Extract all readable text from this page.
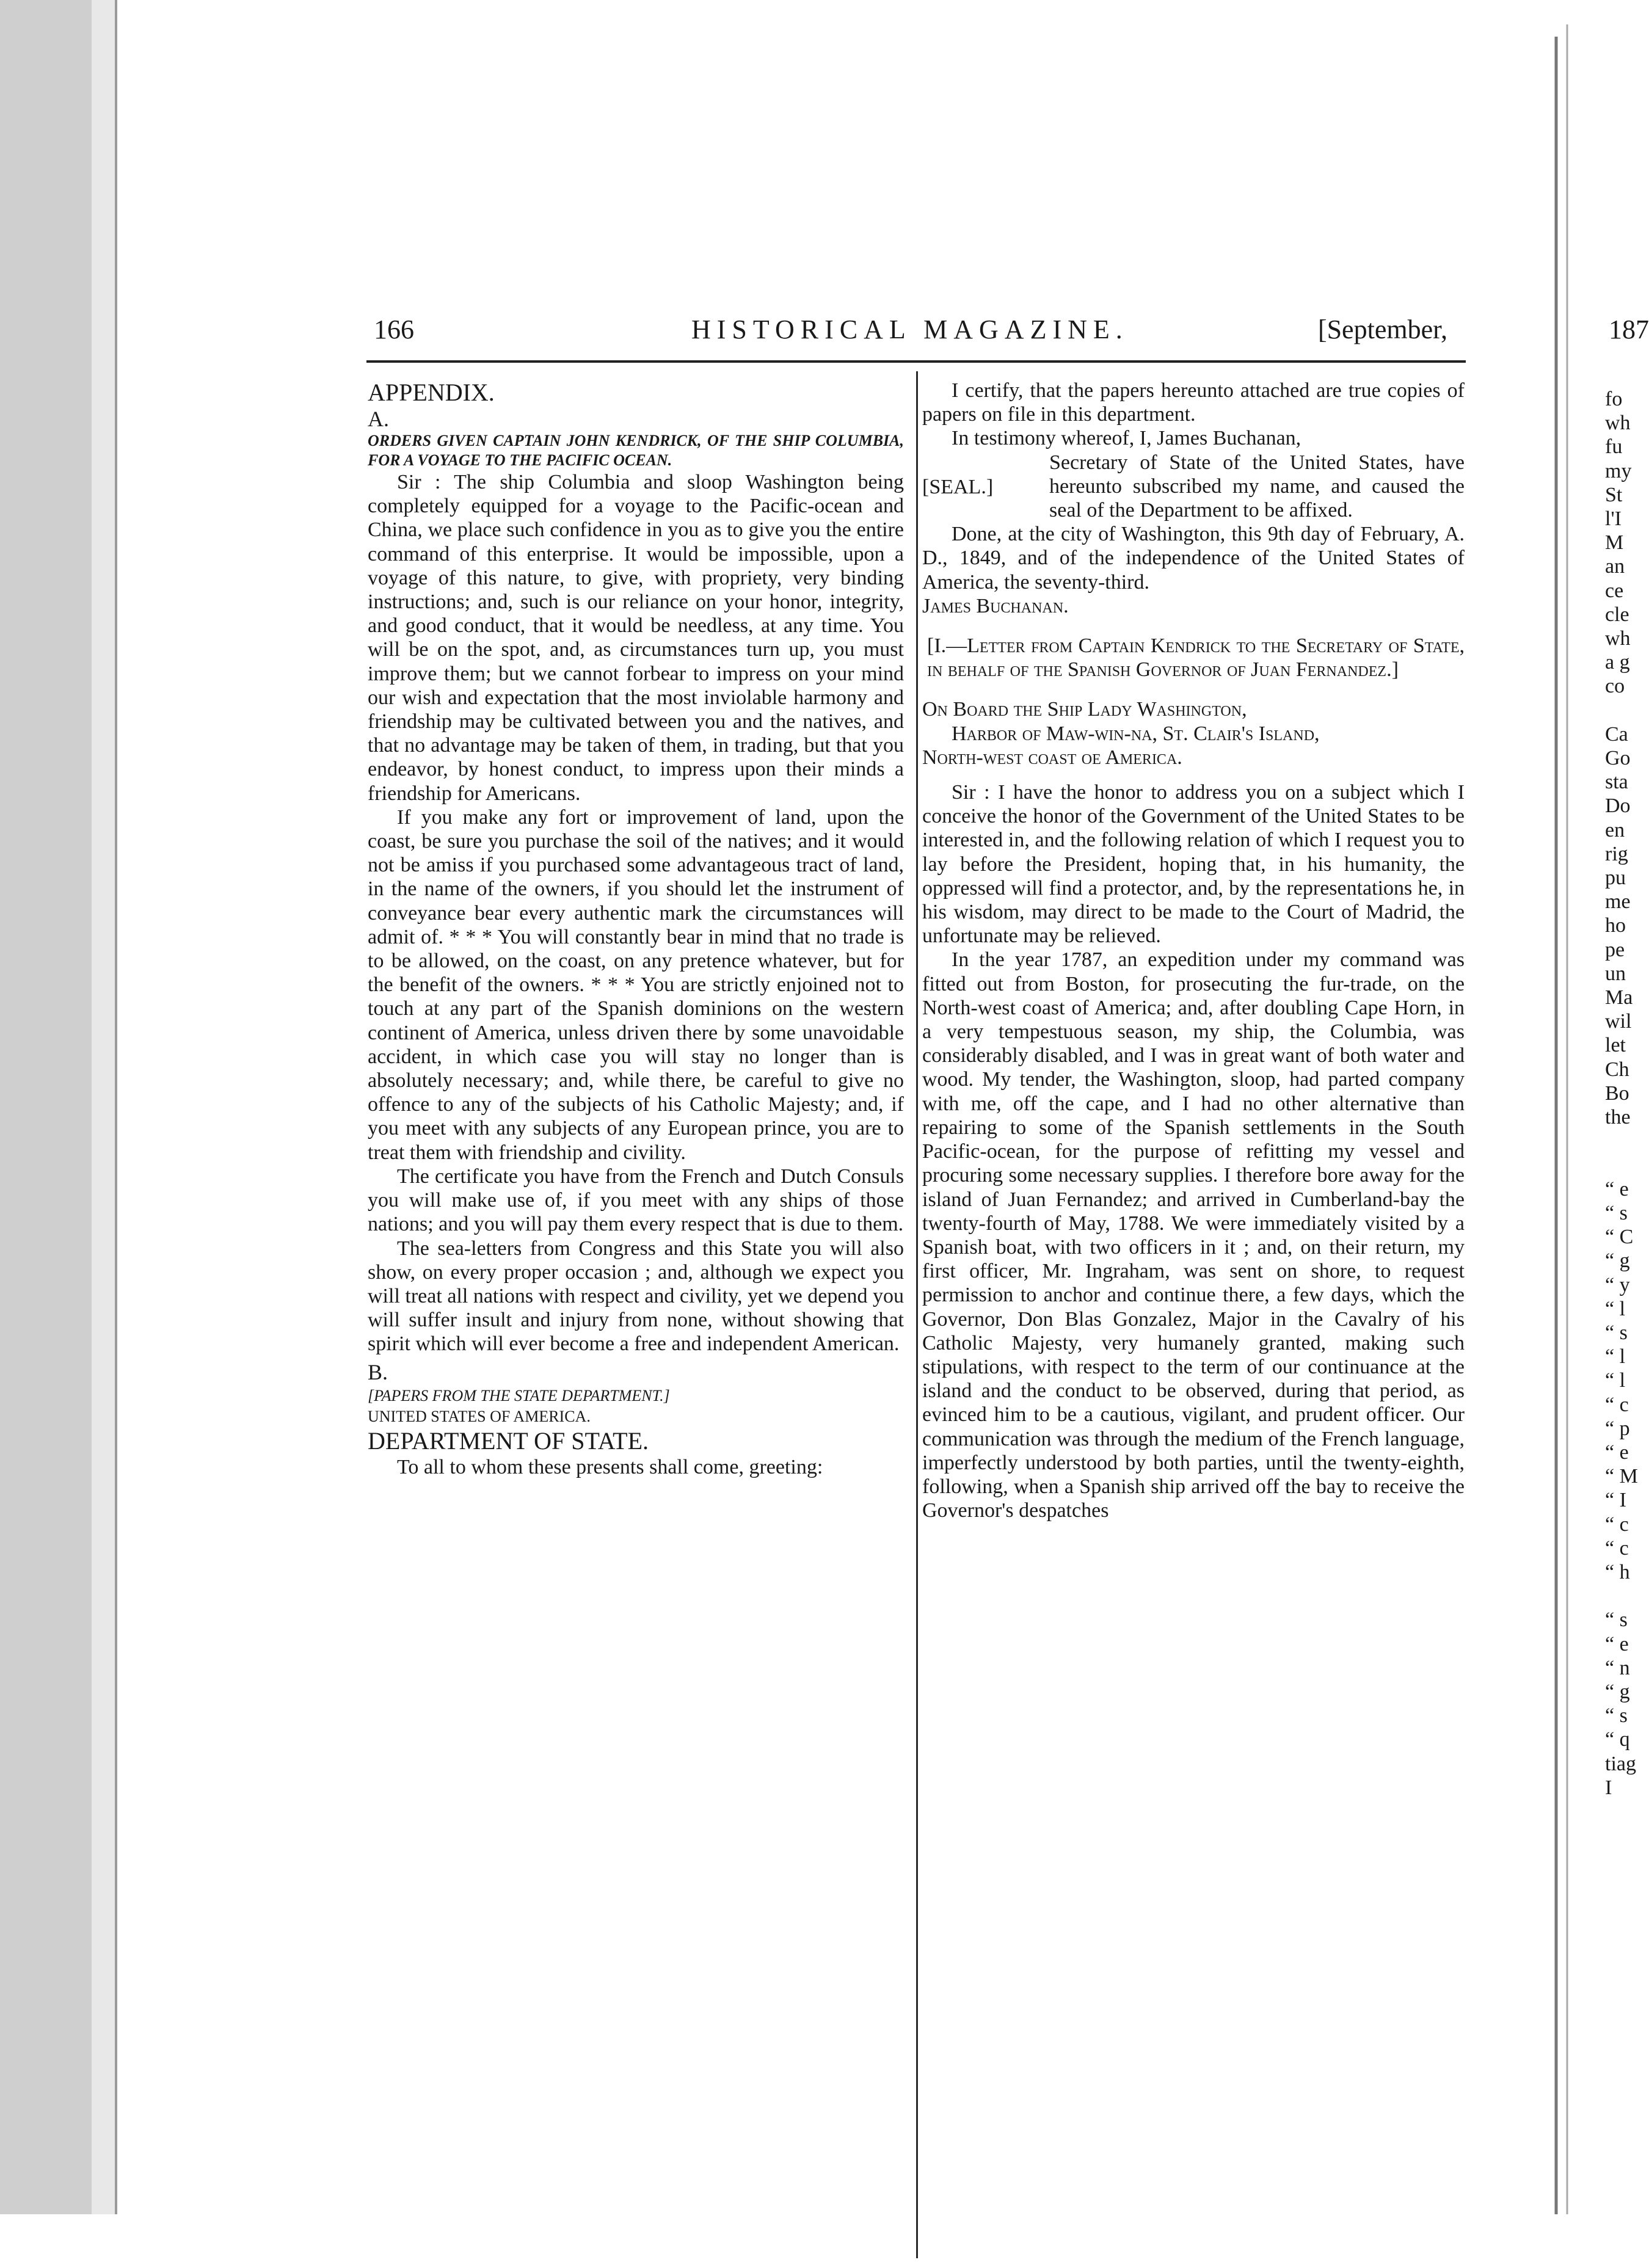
166	HISTORICAL MAGAZINE.	[September,

APPENDIX.

A.

ORDERS GIVEN CAPTAIN JOHN KENDRICK, OF THE SHIP COLUMBIA, FOR A VOYAGE TO THE PACIFIC OCEAN.

Sir : The ship Columbia and sloop Washington being completely equipped for a voyage to the Pacific-ocean and China, we place such confidence in you as to give you the entire command of this enterprise. It would be impossible, upon a voyage of this nature, to give, with propriety, very binding instructions; and, such is our reliance on your honor, integrity, and good conduct, that it would be needless, at any time. You will be on the spot, and, as circumstances turn up, you must improve them; but we cannot forbear to impress on your mind our wish and expectation that the most inviolable harmony and friendship may be cultivated between you and the natives, and that no advantage may be taken of them, in trading, but that you endeavor, by honest conduct, to impress upon their minds a friendship for Americans.

If you make any fort or improvement of land, upon the coast, be sure you purchase the soil of the natives; and it would not be amiss if you purchased some advantageous tract of land, in the name of the owners, if you should let the instrument of conveyance bear every authentic mark the circumstances will admit of. * * * You will constantly bear in mind that no trade is to be allowed, on the coast, on any pretence whatever, but for the benefit of the owners. * * * You are strictly enjoined not to touch at any part of the Spanish dominions on the western continent of America, unless driven there by some unavoidable accident, in which case you will stay no longer than is absolutely necessary; and, while there, be careful to give no offence to any of the subjects of his Catholic Majesty; and, if you meet with any subjects of any European prince, you are to treat them with friendship and civility.

The certificate you have from the French and Dutch Consuls you will make use of, if you meet with any ships of those nations; and you will pay them every respect that is due to them.

The sea-letters from Congress and this State you will also show, on every proper occasion ; and, although we expect you will treat all nations with respect and civility, yet we depend you will suffer insult and injury from none, without showing that spirit which will ever become a free and independent American.

B.

[PAPERS FROM THE STATE DEPARTMENT.]

UNITED STATES OF AMERICA.

DEPARTMENT OF STATE.

To all to whom these presents shall come, greeting:

I certify, that the papers hereunto attached are true copies of papers on file in this department.

In testimony whereof, I, James Buchanan,

[SEAL.]

Secretary of State of the United States, have hereunto subscribed my name, and caused the seal of the Department to be affixed.

Done, at the city of Washington, this 9th day of February, A. D., 1849, and of the independence of the United States of America, the seventy-third.

James Buchanan.

[I.—Letter from Captain Kendrick to the Secretary of State, in behalf of the Spanish Governor of Juan Fernandez.]

On Board the Ship Lady Washington,

Harbor of Maw-win-na, St. Clair's Island,

North-west coast oe America.

Sir : I have the honor to address you on a subject which I conceive the honor of the Government of the United States to be interested in, and the following relation of which I request you to lay before the President, hoping that, in his humanity, the oppressed will find a protector, and, by the representations he, in his wisdom, may direct to be made to the Court of Madrid, the unfortunate may be relieved.

In the year 1787, an expedition under my command was fitted out from Boston, for prosecuting the fur-trade, on the North-west coast of America; and, after doubling Cape Horn, in a very tempestuous season, my ship, the Columbia, was considerably disabled, and I was in great want of both water and wood. My tender, the Washington, sloop, had parted company with me, off the cape, and I had no other alternative than repairing to some of the Spanish settlements in the South Pacific-ocean, for the purpose of refitting my vessel and procuring some necessary supplies. I therefore bore away for the island of Juan Fernandez; and arrived in Cumberland-bay the twenty-fourth of May, 1788. We were immediately visited by a Spanish boat, with two officers in it ; and, on their return, my first officer, Mr. Ingraham, was sent on shore, to request permission to anchor and continue there, a few days, which the Governor, Don Blas Gonzalez, Major in the Cavalry of his Catholic Majesty, very humanely granted, making such stipulations, with respect to the term of our continuance at the island and the conduct to be observed, during that period, as evinced him to be a cautious, vigilant, and prudent officer. Our communication was through the medium of the French language, imperfectly understood by both parties, until the twenty-eighth, following, when a Spanish ship arrived off the bay to receive the Governor's despatches

187
fo
wh
fu
my
St
l'I
M
an
ce
cle
wh
a g
co

Ca
Go
sta
Do
en
rig
pu
me
ho
pe
un
Ma
wil
let
Ch
Bo
the

“ e
“ s
“ C
“ g
“ y
“ l
“ s
“ l
“ l
“ c
“ p
“ e
“ M
“ I
“ c
“ c
“ h

“ s
“ e
“ n
“ g
“ s
“ q
tiag
I
